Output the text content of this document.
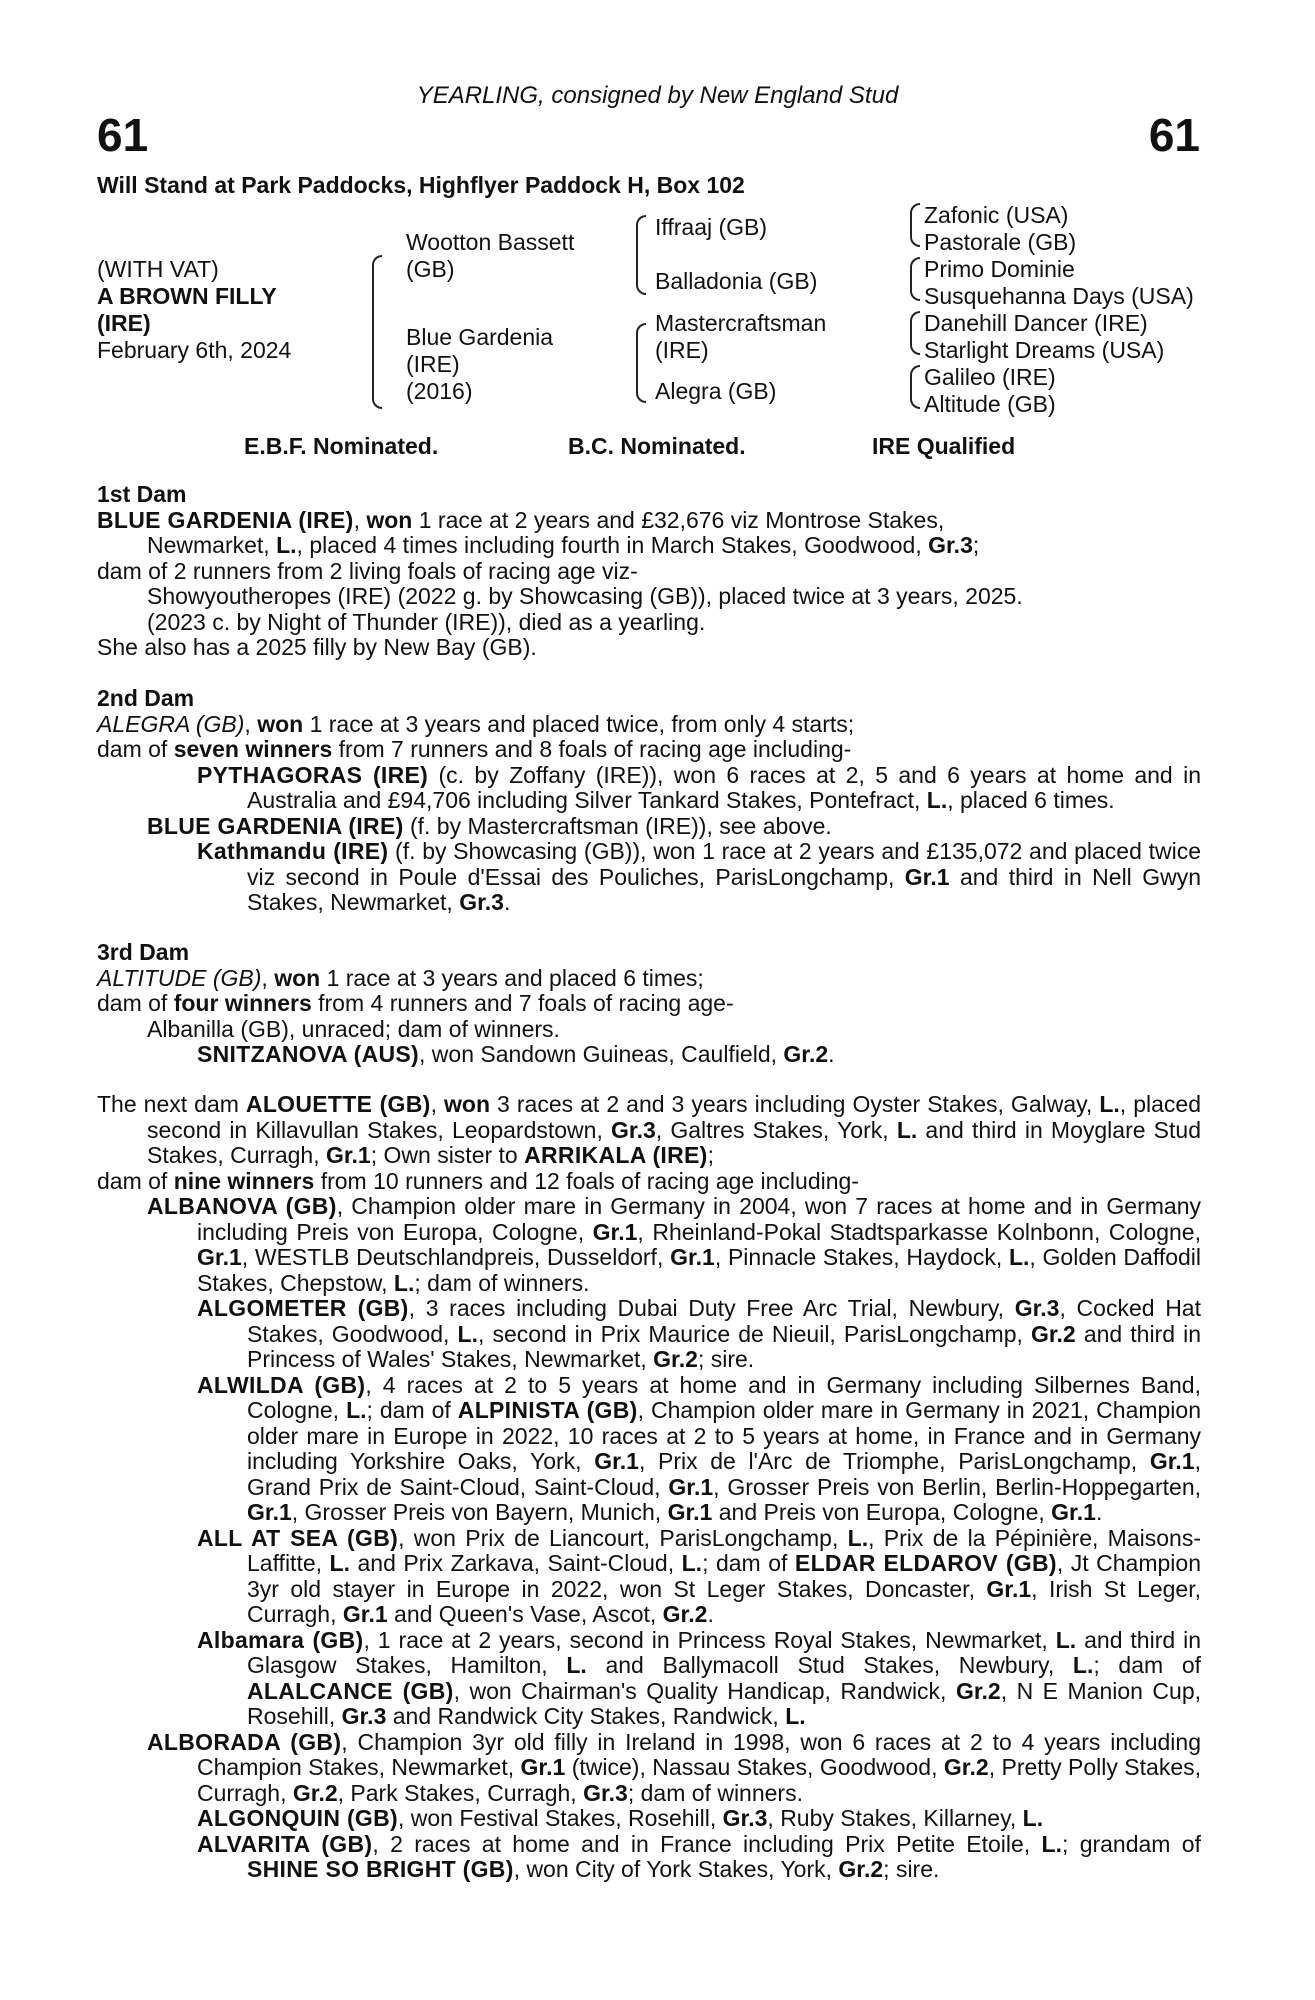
YEARLING, consigned by New England Stud
61	61
Will Stand at Park Paddocks, Highflyer Paddock H, Box 102
(WITH VAT)
A BROWN FILLY
(IRE)
February 6th, 2024
Wootton Bassett
(GB)
Blue Gardenia
(IRE)
(2016)
Iffraaj (GB)
Balladonia (GB)
Mastercraftsman
(IRE)
Alegra (GB)
Zafonic (USA)
Pastorale (GB)
Primo Dominie
Susquehanna Days (USA)
Danehill Dancer (IRE)
Starlight Dreams (USA)
Galileo (IRE)
Altitude (GB)
E.B.F. Nominated.	B.C. Nominated.	IRE Qualified

1st Dam

BLUE GARDENIA (IRE), won 1 race at 2 years and £32,676 viz Montrose Stakes,

Newmarket, L., placed 4 times including fourth in March Stakes, Goodwood, Gr.3;

dam of 2 runners from 2 living foals of racing age viz-

Showyoutheropes (IRE) (2022 g. by Showcasing (GB)), placed twice at 3 years, 2025.

(2023 c. by Night of Thunder (IRE)), died as a yearling.

She also has a 2025 filly by New Bay (GB).

2nd Dam

ALEGRA (GB), won 1 race at 3 years and placed twice, from only 4 starts;

dam of seven winners from 7 runners and 8 foals of racing age including-

PYTHAGORAS (IRE) (c. by Zoffany (IRE)), won 6 races at 2, 5 and 6 years at home and in Australia and £94,706 including Silver Tankard Stakes, Pontefract, L., placed 6 times.

BLUE GARDENIA (IRE) (f. by Mastercraftsman (IRE)), see above.

Kathmandu (IRE) (f. by Showcasing (GB)), won 1 race at 2 years and £135,072 and placed twice viz second in Poule d'Essai des Pouliches, ParisLongchamp, Gr.1 and third in Nell Gwyn Stakes, Newmarket, Gr.3.

3rd Dam

ALTITUDE (GB), won 1 race at 3 years and placed 6 times;

dam of four winners from 4 runners and 7 foals of racing age-

Albanilla (GB), unraced; dam of winners.

SNITZANOVA (AUS), won Sandown Guineas, Caulfield, Gr.2.

The next dam ALOUETTE (GB), won 3 races at 2 and 3 years including Oyster Stakes, Galway, L., placed second in Killavullan Stakes, Leopardstown, Gr.3, Galtres Stakes, York, L. and third in Moyglare Stud Stakes, Curragh, Gr.1; Own sister to ARRIKALA (IRE);

dam of nine winners from 10 runners and 12 foals of racing age including-

ALBANOVA (GB), Champion older mare in Germany in 2004, won 7 races at home and in Germany including Preis von Europa, Cologne, Gr.1, Rheinland-Pokal Stadtsparkasse Kolnbonn, Cologne, Gr.1, WESTLB Deutschlandpreis, Dusseldorf, Gr.1, Pinnacle Stakes, Haydock, L., Golden Daffodil Stakes, Chepstow, L.; dam of winners.

ALGOMETER (GB), 3 races including Dubai Duty Free Arc Trial, Newbury, Gr.3, Cocked Hat Stakes, Goodwood, L., second in Prix Maurice de Nieuil, ParisLongchamp, Gr.2 and third in Princess of Wales' Stakes, Newmarket, Gr.2; sire.

ALWILDA (GB), 4 races at 2 to 5 years at home and in Germany including Silbernes Band, Cologne, L.; dam of ALPINISTA (GB), Champion older mare in Germany in 2021, Champion older mare in Europe in 2022, 10 races at 2 to 5 years at home, in France and in Germany including Yorkshire Oaks, York, Gr.1, Prix de l'Arc de Triomphe, ParisLongchamp, Gr.1, Grand Prix de Saint-Cloud, Saint-Cloud, Gr.1, Grosser Preis von Berlin, Berlin-Hoppegarten, Gr.1, Grosser Preis von Bayern, Munich, Gr.1 and Preis von Europa, Cologne, Gr.1.

ALL AT SEA (GB), won Prix de Liancourt, ParisLongchamp, L., Prix de la Pépinière, Maisons-Laffitte, L. and Prix Zarkava, Saint-Cloud, L.; dam of ELDAR ELDAROV (GB), Jt Champion 3yr old stayer in Europe in 2022, won St Leger Stakes, Doncaster, Gr.1, Irish St Leger, Curragh, Gr.1 and Queen's Vase, Ascot, Gr.2.

Albamara (GB), 1 race at 2 years, second in Princess Royal Stakes, Newmarket, L. and third in Glasgow Stakes, Hamilton, L. and Ballymacoll Stud Stakes, Newbury, L.; dam of ALALCANCE (GB), won Chairman's Quality Handicap, Randwick, Gr.2, N E Manion Cup, Rosehill, Gr.3 and Randwick City Stakes, Randwick, L.

ALBORADA (GB), Champion 3yr old filly in Ireland in 1998, won 6 races at 2 to 4 years including Champion Stakes, Newmarket, Gr.1 (twice), Nassau Stakes, Goodwood, Gr.2, Pretty Polly Stakes, Curragh, Gr.2, Park Stakes, Curragh, Gr.3; dam of winners.

ALGONQUIN (GB), won Festival Stakes, Rosehill, Gr.3, Ruby Stakes, Killarney, L.

ALVARITA (GB), 2 races at home and in France including Prix Petite Etoile, L.; grandam of SHINE SO BRIGHT (GB), won City of York Stakes, York, Gr.2; sire.
